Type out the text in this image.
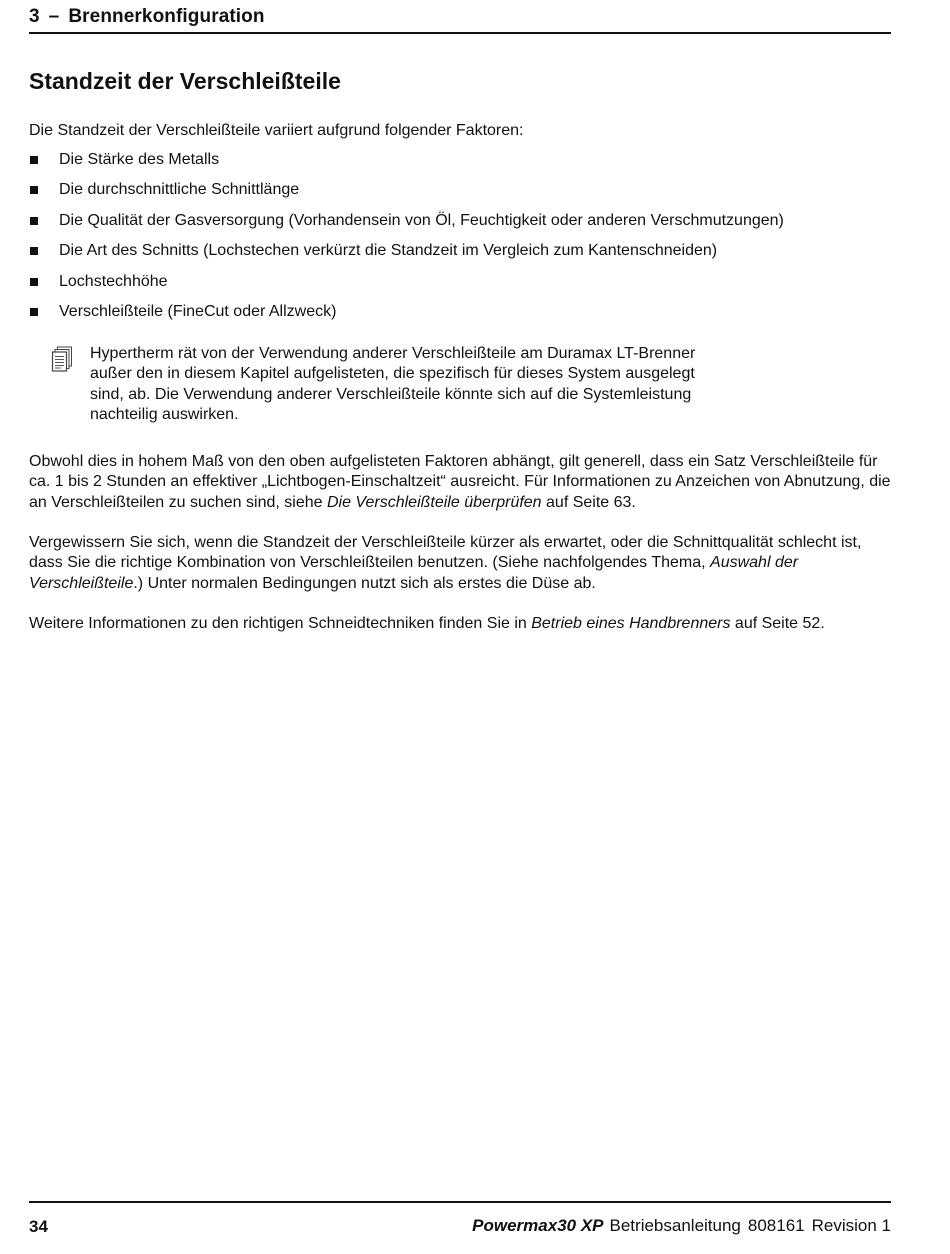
3 – Brennerkonfiguration
Standzeit der Verschleißteile

Die Standzeit der Verschleißteile variiert aufgrund folgender Faktoren:

Die Stärke des Metalls
Die durchschnittliche Schnittlänge
Die Qualität der Gasversorgung (Vorhandensein von Öl, Feuchtigkeit oder anderen Verschmutzungen)
Die Art des Schnitts (Lochstechen verkürzt die Standzeit im Vergleich zum Kantenschneiden)
Lochstechhöhe
Verschleißteile (FineCut oder Allzweck)

Hypertherm rät von der Verwendung anderer Verschleißteile am Duramax LT-Brenner außer den in diesem Kapitel aufgelisteten, die spezifisch für dieses System ausgelegt sind, ab. Die Verwendung anderer Verschleißteile könnte sich auf die Systemleistung nachteilig auswirken.

Obwohl dies in hohem Maß von den oben aufgelisteten Faktoren abhängt, gilt generell, dass ein Satz Verschleißteile für ca. 1 bis 2 Stunden an effektiver „Lichtbogen-Einschaltzeit“ ausreicht. Für Informationen zu Anzeichen von Abnutzung, die an Verschleißteilen zu suchen sind, siehe Die Verschleißteile überprüfen auf Seite 63.

Vergewissern Sie sich, wenn die Standzeit der Verschleißteile kürzer als erwartet, oder die Schnittqualität schlecht ist, dass Sie die richtige Kombination von Verschleißteilen benutzen. (Siehe nachfolgendes Thema, Auswahl der Verschleißteile.) Unter normalen Bedingungen nutzt sich als erstes die Düse ab.

Weitere Informationen zu den richtigen Schneidtechniken finden Sie in Betrieb eines Handbrenners auf Seite 52.

34	Powermax30 XP Betriebsanleitung 808161 Revision 1
